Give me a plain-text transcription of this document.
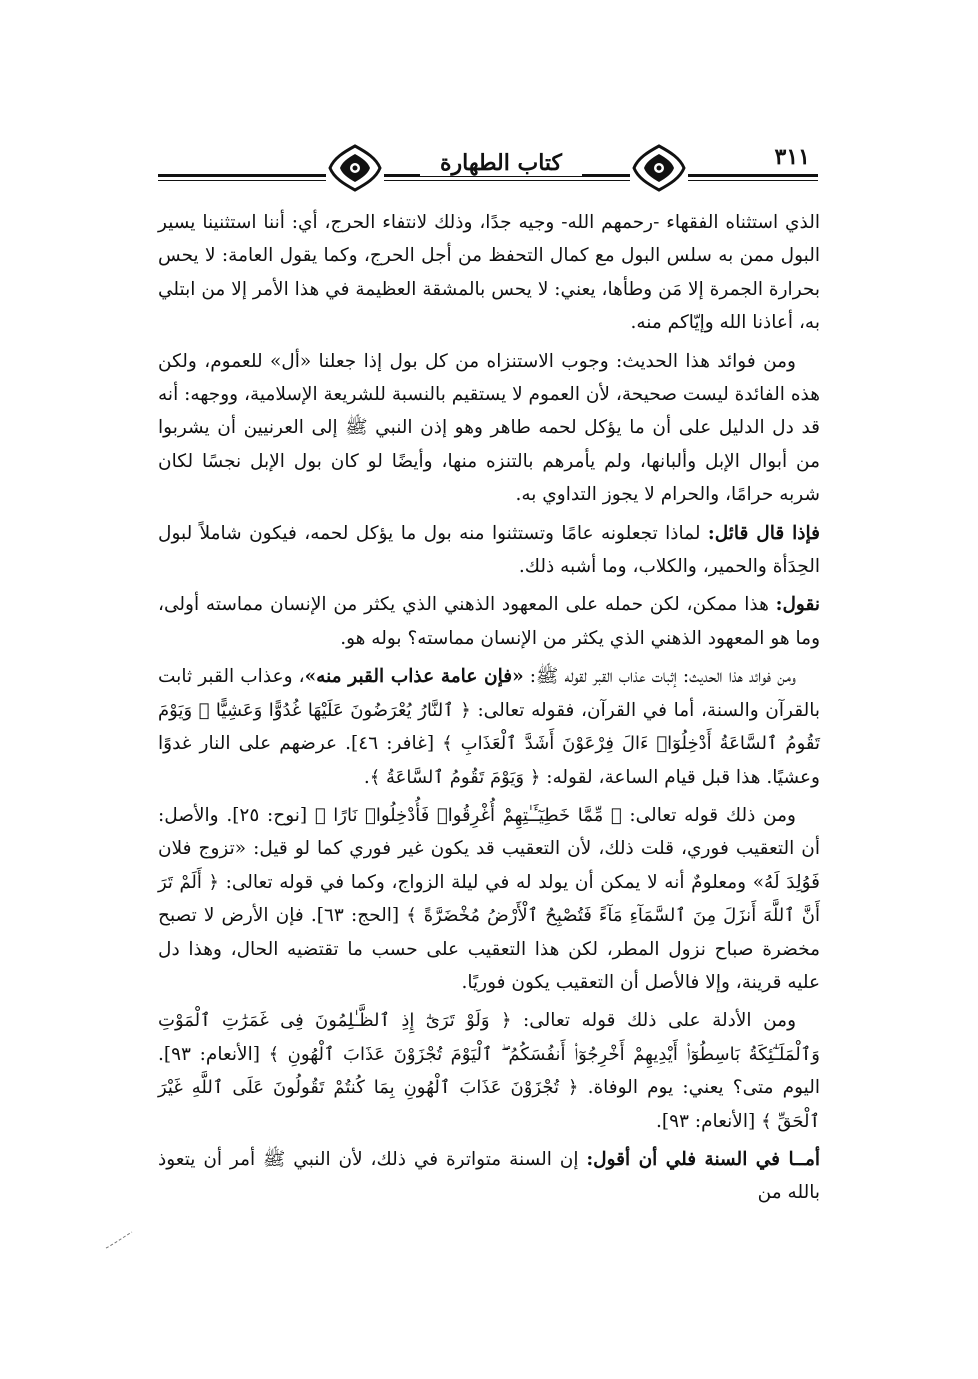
٣١١
كتاب الطهارة

الذي استثناه الفقهاء -رحمهم الله- وجيه جدًا، وذلك لانتفاء الحرج، أي: أننا استثنينا يسير البول ممن به سلس البول مع كمال التحفظ من أجل الحرج، وكما يقول العامة: لا يحس بحرارة الجمرة إلا مَن وطأها، يعني: لا يحس بالمشقة العظيمة في هذا الأمر إلا من ابتلي به، أعاذنا الله وإيّاكم منه.

ومن فوائد هذا الحديث: وجوب الاستنزاه من كل بول إذا جعلنا «أل» للعموم، ولكن هذه الفائدة ليست صحيحة، لأن العموم لا يستقيم بالنسبة للشريعة الإسلامية، ووجهه: أنه قد دل الدليل على أن ما يؤكل لحمه طاهر وهو إذن النبي ﷺ إلى العرنيين أن يشربوا من أبوال الإبل وألبانها، ولم يأمرهم بالتنزه منها، وأيضًا لو كان بول الإبل نجسًا لكان شربه حرامًا، والحرام لا يجوز التداوي به.

فإذا قال قائل: لماذا تجعلونه عامًا وتستثنوا منه بول ما يؤكل لحمه، فيكون شاملاً لبول الحِدَأة والحمير، والكلاب، وما أشبه ذلك.

نقول: هذا ممكن، لكن حمله على المعهود الذهني الذي يكثر من الإنسان مماسته أولى، وما هو المعهود الذهني الذي يكثر من الإنسان مماسته؟ بوله هو.

ومن فوائد هذا الحديث: إثبات عذاب القبر لقوله ﷺ: «فإن عامة عذاب القبر منه»، وعذاب القبر ثابت بالقرآن والسنة، أما في القرآن، فقوله تعالى: ﴿ ٱلنَّارُ يُعْرَضُونَ عَلَيْهَا غُدُوًّا وَعَشِيًّا ۖ وَيَوْمَ تَقُومُ ٱلسَّاعَةُ أَدْخِلُوٓا۟ ءَالَ فِرْعَوْنَ أَشَدَّ ٱلْعَذَابِ ﴾ [غافر: ٤٦]. عرضهم على النار غدوًا وعشيًا. هذا قبل قيام الساعة، لقوله: ﴿ وَيَوْمَ تَقُومُ ٱلسَّاعَةُ ﴾.

ومن ذلك قوله تعالى: ﴿ مِّمَّا خَطِيٓـَٔـٰتِهِمْ أُغْرِقُوا۟ فَأُدْخِلُوا۟ نَارًا ﴾ [نوح: ٢٥]. والأصل: أن التعقيب فوري، قلت ذلك، لأن التعقيب قد يكون غير فوري كما لو قيل: «تزوج فلان فَوُلِدَ لَهُ» ومعلومٌ أنه لا يمكن أن يولد له في ليلة الزواج، وكما في قوله تعالى: ﴿ أَلَمْ تَرَ أَنَّ ٱللَّهَ أَنزَلَ مِنَ ٱلسَّمَآءِ مَآءً فَتُصْبِحُ ٱلْأَرْضُ مُخْضَرَّةً ﴾ [الحج: ٦٣]. فإن الأرض لا تصبح مخضرة صباح نزول المطر، لكن هذا التعقيب على حسب ما تقتضيه الحال، وهذا دل عليه قرينة، وإلا فالأصل أن التعقيب يكون فوريًا.

ومن الأدلة على ذلك قوله تعالى: ﴿ وَلَوْ تَرَىٰٓ إِذِ ٱلظَّـٰلِمُونَ فِى غَمَرَٰتِ ٱلْمَوْتِ وَٱلْمَلَـٰٓئِكَةُ بَاسِطُوٓا۟ أَيْدِيهِمْ أَخْرِجُوٓا۟ أَنفُسَكُمُ ۖ ٱلْيَوْمَ تُجْزَوْنَ عَذَابَ ٱلْهُونِ ﴾ [الأنعام: ٩٣]. اليوم متى؟ يعني: يوم الوفاة. ﴿ تُجْزَوْنَ عَذَابَ ٱلْهُونِ بِمَا كُنتُمْ تَقُولُونَ عَلَى ٱللَّهِ غَيْرَ ٱلْحَقِّ ﴾ [الأنعام: ٩٣].

أمــا في السنة فلي أن أقول: إن السنة متواترة في ذلك، لأن النبي ﷺ أمر أن يتعوذ بالله من
